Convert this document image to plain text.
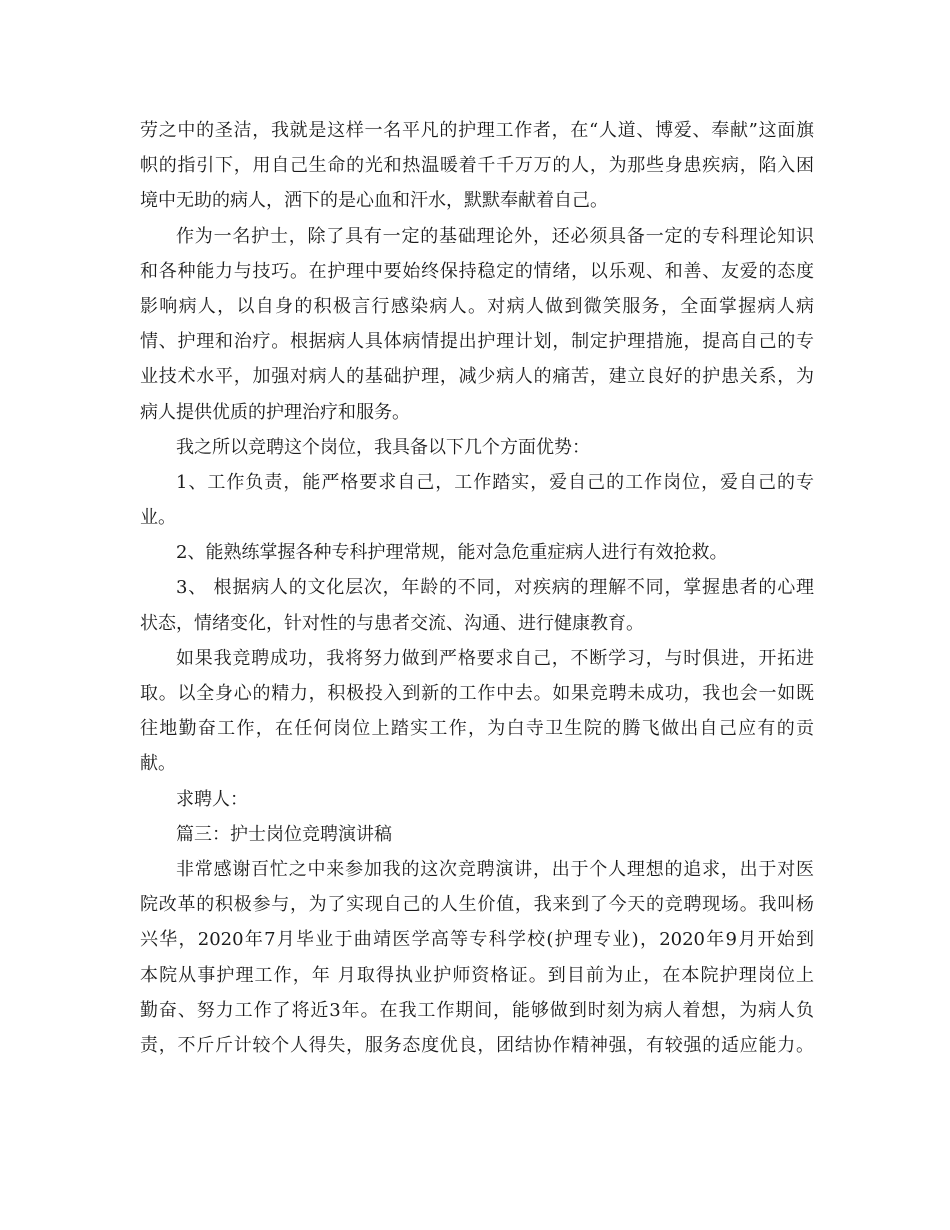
劳之中的圣洁，我就是这样一名平凡的护理工作者，在“人道、博爱、奉献”这面旗
帜的指引下，用自己生命的光和热温暖着千千万万的人，为那些身患疾病，陷入困
境中无助的病人，洒下的是心血和汗水，默默奉献着自己。
作为一名护士，除了具有一定的基础理论外，还必须具备一定的专科理论知识
和各种能力与技巧。在护理中要始终保持稳定的情绪，以乐观、和善、友爱的态度
影响病人，以自身的积极言行感染病人。对病人做到微笑服务，全面掌握病人病
情、护理和治疗。根据病人具体病情提出护理计划，制定护理措施，提高自己的专
业技术水平，加强对病人的基础护理，减少病人的痛苦，建立良好的护患关系，为
病人提供优质的护理治疗和服务。
我之所以竞聘这个岗位，我具备以下几个方面优势：
1、工作负责，能严格要求自己，工作踏实，爱自己的工作岗位，爱自己的专
业。
2、能熟练掌握各种专科护理常规，能对急危重症病人进行有效抢救。
3、 根据病人的文化层次，年龄的不同，对疾病的理解不同，掌握患者的心理
状态，情绪变化，针对性的与患者交流、沟通、进行健康教育。
如果我竞聘成功，我将努力做到严格要求自己，不断学习，与时俱进，开拓进
取。以全身心的精力，积极投入到新的工作中去。如果竞聘未成功，我也会一如既
往地勤奋工作，在任何岗位上踏实工作，为白寺卫生院的腾飞做出自己应有的贡
献。
求聘人：
篇三：护士岗位竞聘演讲稿
非常感谢百忙之中来参加我的这次竞聘演讲，出于个人理想的追求，出于对医
院改革的积极参与，为了实现自己的人生价值，我来到了今天的竞聘现场。我叫杨
兴华，2020年7月毕业于曲靖医学高等专科学校(护理专业)，2020年9月开始到
本院从事护理工作，年 月取得执业护师资格证。到目前为止，在本院护理岗位上
勤奋、努力工作了将近3年。在我工作期间，能够做到时刻为病人着想，为病人负
责，不斤斤计较个人得失，服务态度优良，团结协作精神强，有较强的适应能力。
